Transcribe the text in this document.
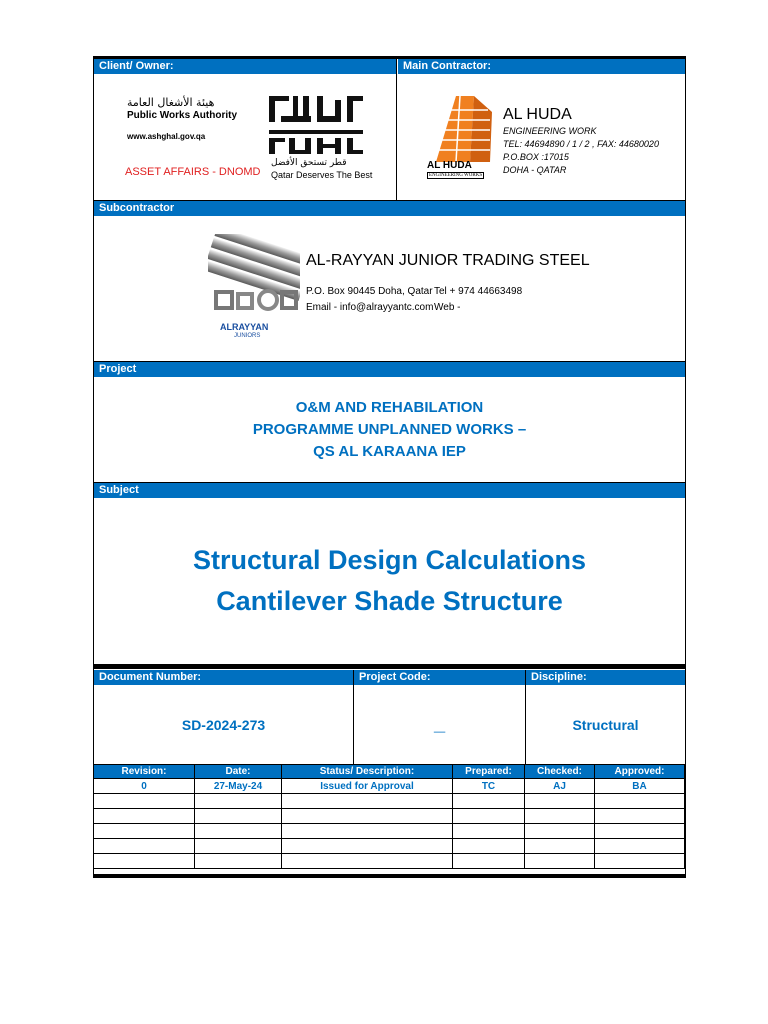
Client/ Owner:	Main Contractor:
هيئة الأشغال العامة
Public Works Authority
www.ashghal.gov.qa
ASSET AFFAIRS - DNOMD
قطر تستحق الأفضل
Qatar Deserves The Best
AL HUDA
ENGINEERING WORKS
AL HUDA
ENGINEERING WORK
TEL: 44694890 / 1 / 2 , FAX: 44680020
P.O.BOX :17015
DOHA - QATAR
Subcontractor
ALRAYYAN
JUNIORS
AL-RAYYAN JUNIOR TRADING STEEL
P.O. Box 90445 Doha, Qatar Tel + 974 44663498
Email - info@alrayyantc.com Web -
Project
O&M AND REHABILATION
PROGRAMME UNPLANNED WORKS –
QS AL KARAANA IEP
Subject
Structural Design Calculations
Cantilever Shade Structure
Document Number:	Project Code:	Discipline:
SD-2024-273	_	Structural
Revision:	Date:	Status/ Description:	Prepared:	Checked:	Approved:
0	27-May-24	Issued for Approval	TC	AJ	BA
